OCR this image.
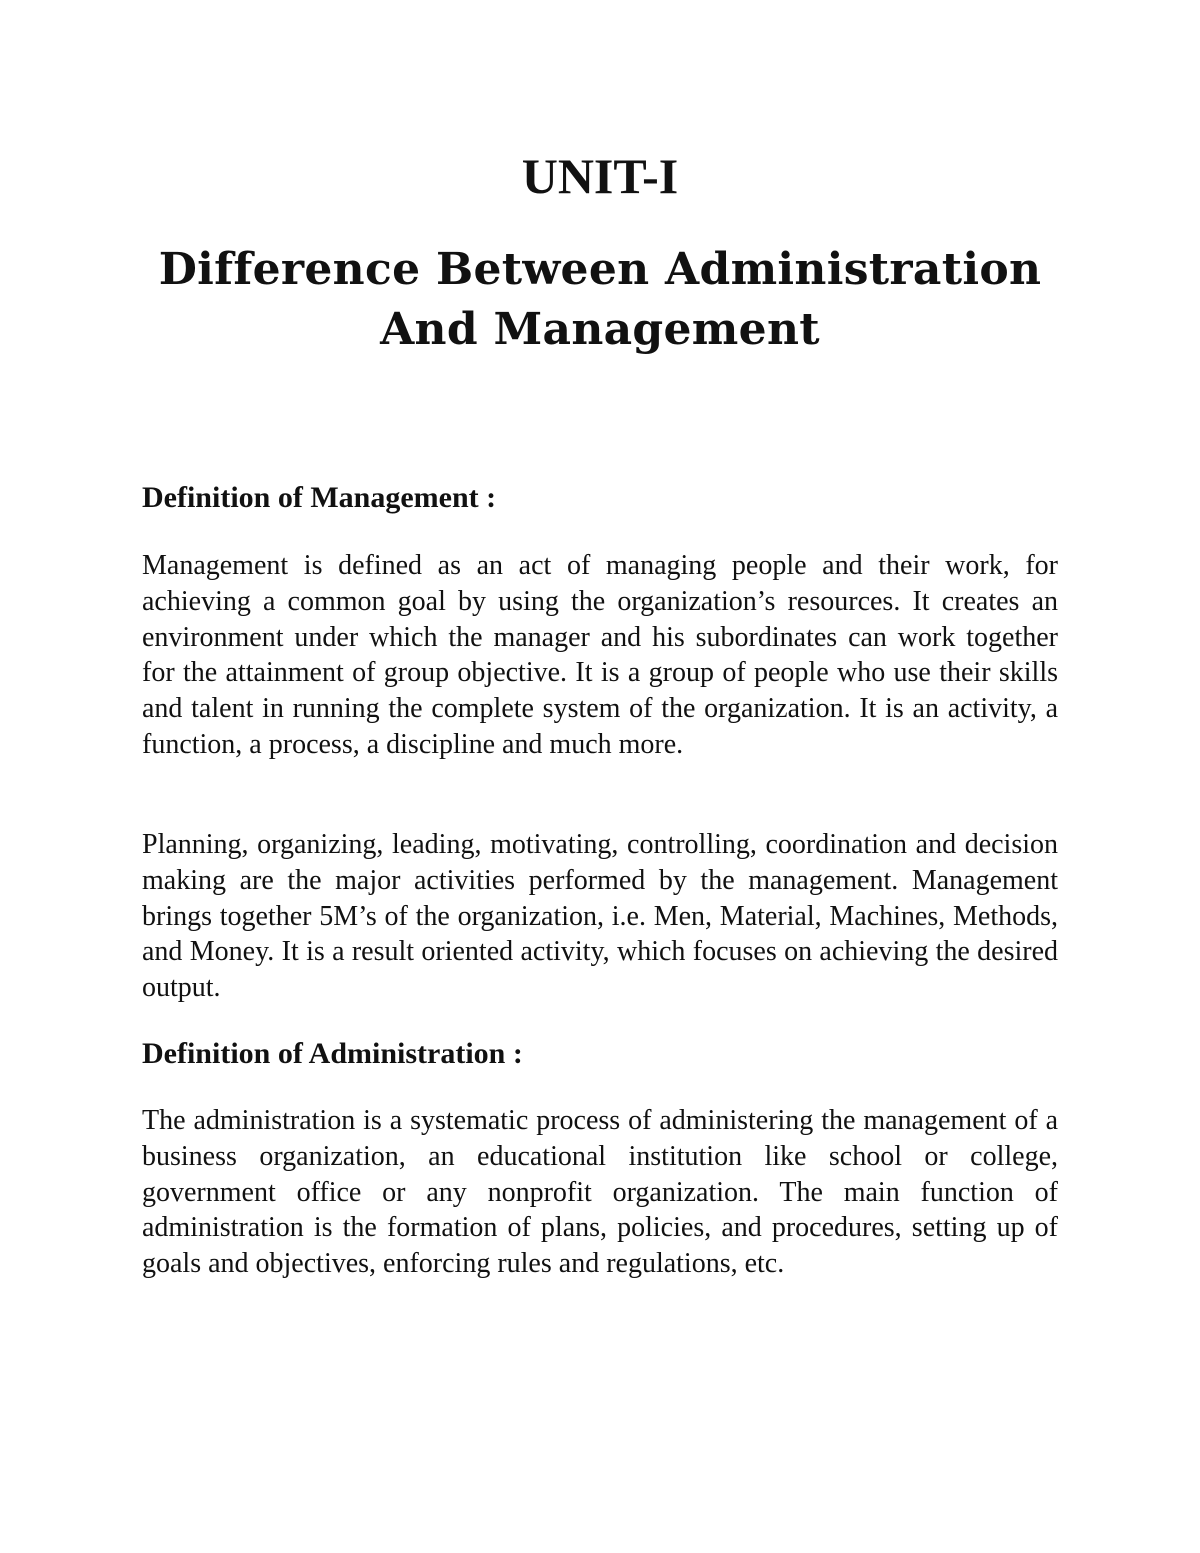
UNIT-I
Difference Between Administration
And Management
Definition of Management :

Management is defined as an act of managing people and their work, for achieving a common goal by using the organization’s resources. It creates an environment under which the manager and his subordinates can work together for the attainment of group objective. It is a group of people who use their skills and talent in running the complete system of the organization. It is an activity, a function, a process, a discipline and much more.

Planning, organizing, leading, motivating, controlling, coordination and decision making are the major activities performed by the management. Management brings together 5M’s of the organization, i.e. Men, Material, Machines, Methods, and Money. It is a result oriented activity, which focuses on achieving the desired output.

Definition of Administration :

The administration is a systematic process of administering the management of a business organization, an educational institution like school or college, government office or any nonprofit organization. The main function of administration is the formation of plans, policies, and procedures, setting up of goals and objectives, enforcing rules and regulations, etc.
